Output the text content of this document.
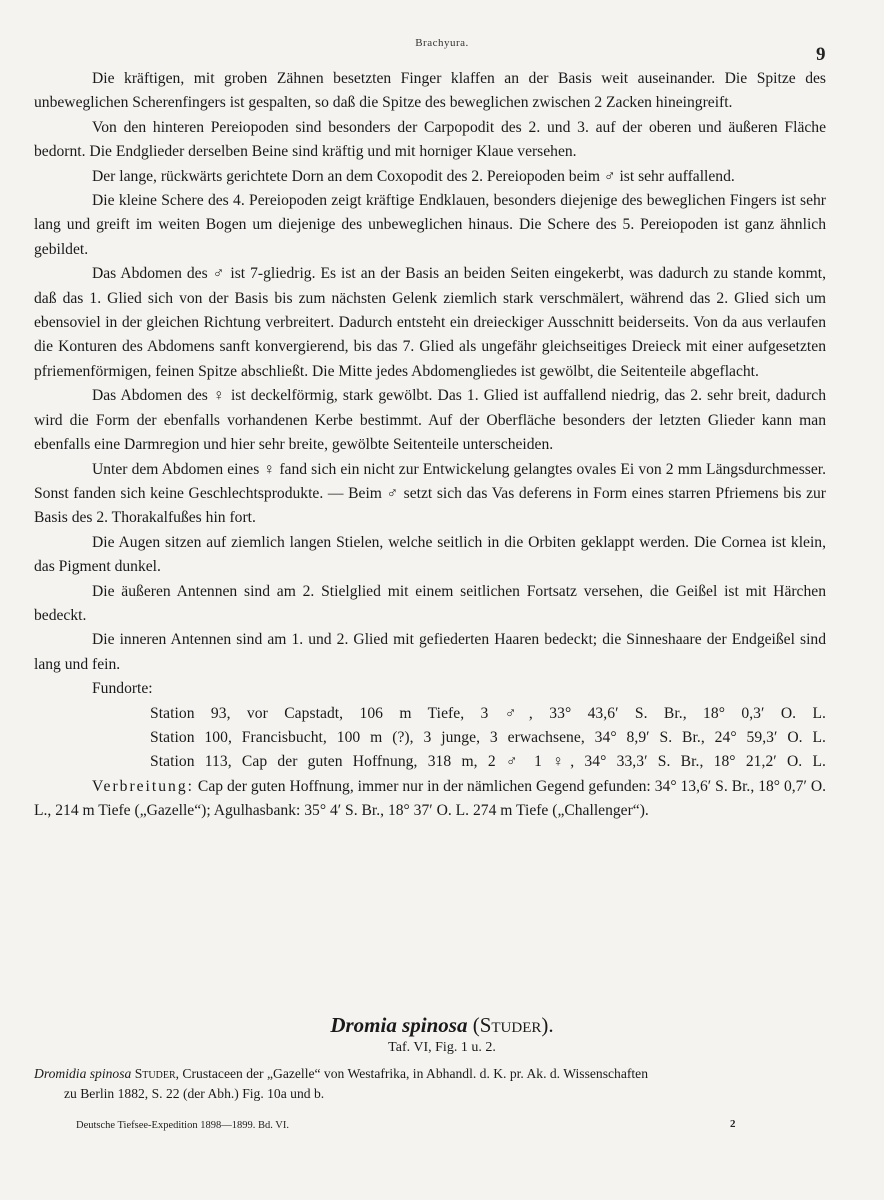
Brachyura.
9

Die kräftigen, mit groben Zähnen besetzten Finger klaffen an der Basis weit auseinander. Die Spitze des unbeweglichen Scherenfingers ist gespalten, so daß die Spitze des beweglichen zwischen 2 Zacken hineingreift.

Von den hinteren Pereiopoden sind besonders der Carpopodit des 2. und 3. auf der oberen und äußeren Fläche bedornt. Die Endglieder derselben Beine sind kräftig und mit horniger Klaue versehen.

Der lange, rückwärts gerichtete Dorn an dem Coxopodit des 2. Pereiopoden beim ♂ ist sehr auffallend.

Die kleine Schere des 4. Pereiopoden zeigt kräftige Endklauen, besonders diejenige des beweglichen Fingers ist sehr lang und greift im weiten Bogen um diejenige des unbeweglichen hinaus. Die Schere des 5. Pereiopoden ist ganz ähnlich gebildet.

Das Abdomen des ♂ ist 7-gliedrig. Es ist an der Basis an beiden Seiten eingekerbt, was dadurch zu stande kommt, daß das 1. Glied sich von der Basis bis zum nächsten Gelenk ziemlich stark verschmälert, während das 2. Glied sich um ebensoviel in der gleichen Richtung verbreitert. Dadurch entsteht ein dreieckiger Ausschnitt beiderseits. Von da aus verlaufen die Konturen des Abdomens sanft konvergierend, bis das 7. Glied als ungefähr gleichseitiges Dreieck mit einer aufgesetzten pfriemenförmigen, feinen Spitze abschließt. Die Mitte jedes Abdomengliedes ist gewölbt, die Seitenteile abgeflacht.

Das Abdomen des ♀ ist deckelförmig, stark gewölbt. Das 1. Glied ist auffallend niedrig, das 2. sehr breit, dadurch wird die Form der ebenfalls vorhandenen Kerbe bestimmt. Auf der Oberfläche besonders der letzten Glieder kann man ebenfalls eine Darmregion und hier sehr breite, gewölbte Seitenteile unterscheiden.

Unter dem Abdomen eines ♀ fand sich ein nicht zur Entwickelung gelangtes ovales Ei von 2 mm Längsdurchmesser. Sonst fanden sich keine Geschlechtsprodukte. — Beim ♂ setzt sich das Vas deferens in Form eines starren Pfriemens bis zur Basis des 2. Thorakalfußes hin fort.

Die Augen sitzen auf ziemlich langen Stielen, welche seitlich in die Orbiten geklappt werden. Die Cornea ist klein, das Pigment dunkel.

Die äußeren Antennen sind am 2. Stielglied mit einem seitlichen Fortsatz versehen, die Geißel ist mit Härchen bedeckt.

Die inneren Antennen sind am 1. und 2. Glied mit gefiederten Haaren bedeckt; die Sinneshaare der Endgeißel sind lang und fein.

Fundorte:

Station 93, vor Capstadt, 106 m Tiefe, 3 ♂, 33° 43,6′ S. Br., 18° 0,3′ O. L.

Station 100, Francisbucht, 100 m (?), 3 junge, 3 erwachsene, 34° 8,9′ S. Br., 24° 59,3′ O. L.

Station 113, Cap der guten Hoffnung, 318 m, 2 ♂ 1 ♀, 34° 33,3′ S. Br., 18° 21,2′ O. L.

Verbreitung: Cap der guten Hoffnung, immer nur in der nämlichen Gegend gefunden: 34° 13,6′ S. Br., 18° 0,7′ O. L., 214 m Tiefe („Gazelle“); Agulhasbank: 35° 4′ S. Br., 18° 37′ O. L. 274 m Tiefe („Challenger“).

Dromia spinosa (Studer).
Taf. VI, Fig. 1 u. 2.
Dromidia spinosa Studer, Crustaceen der „Gazelle“ von Westafrika, in Abhandl. d. K. pr. Ak. d. Wissenschaften
zu Berlin 1882, S. 22 (der Abh.) Fig. 10a und b.
Deutsche Tiefsee-Expedition 1898—1899. Bd. VI.	2
